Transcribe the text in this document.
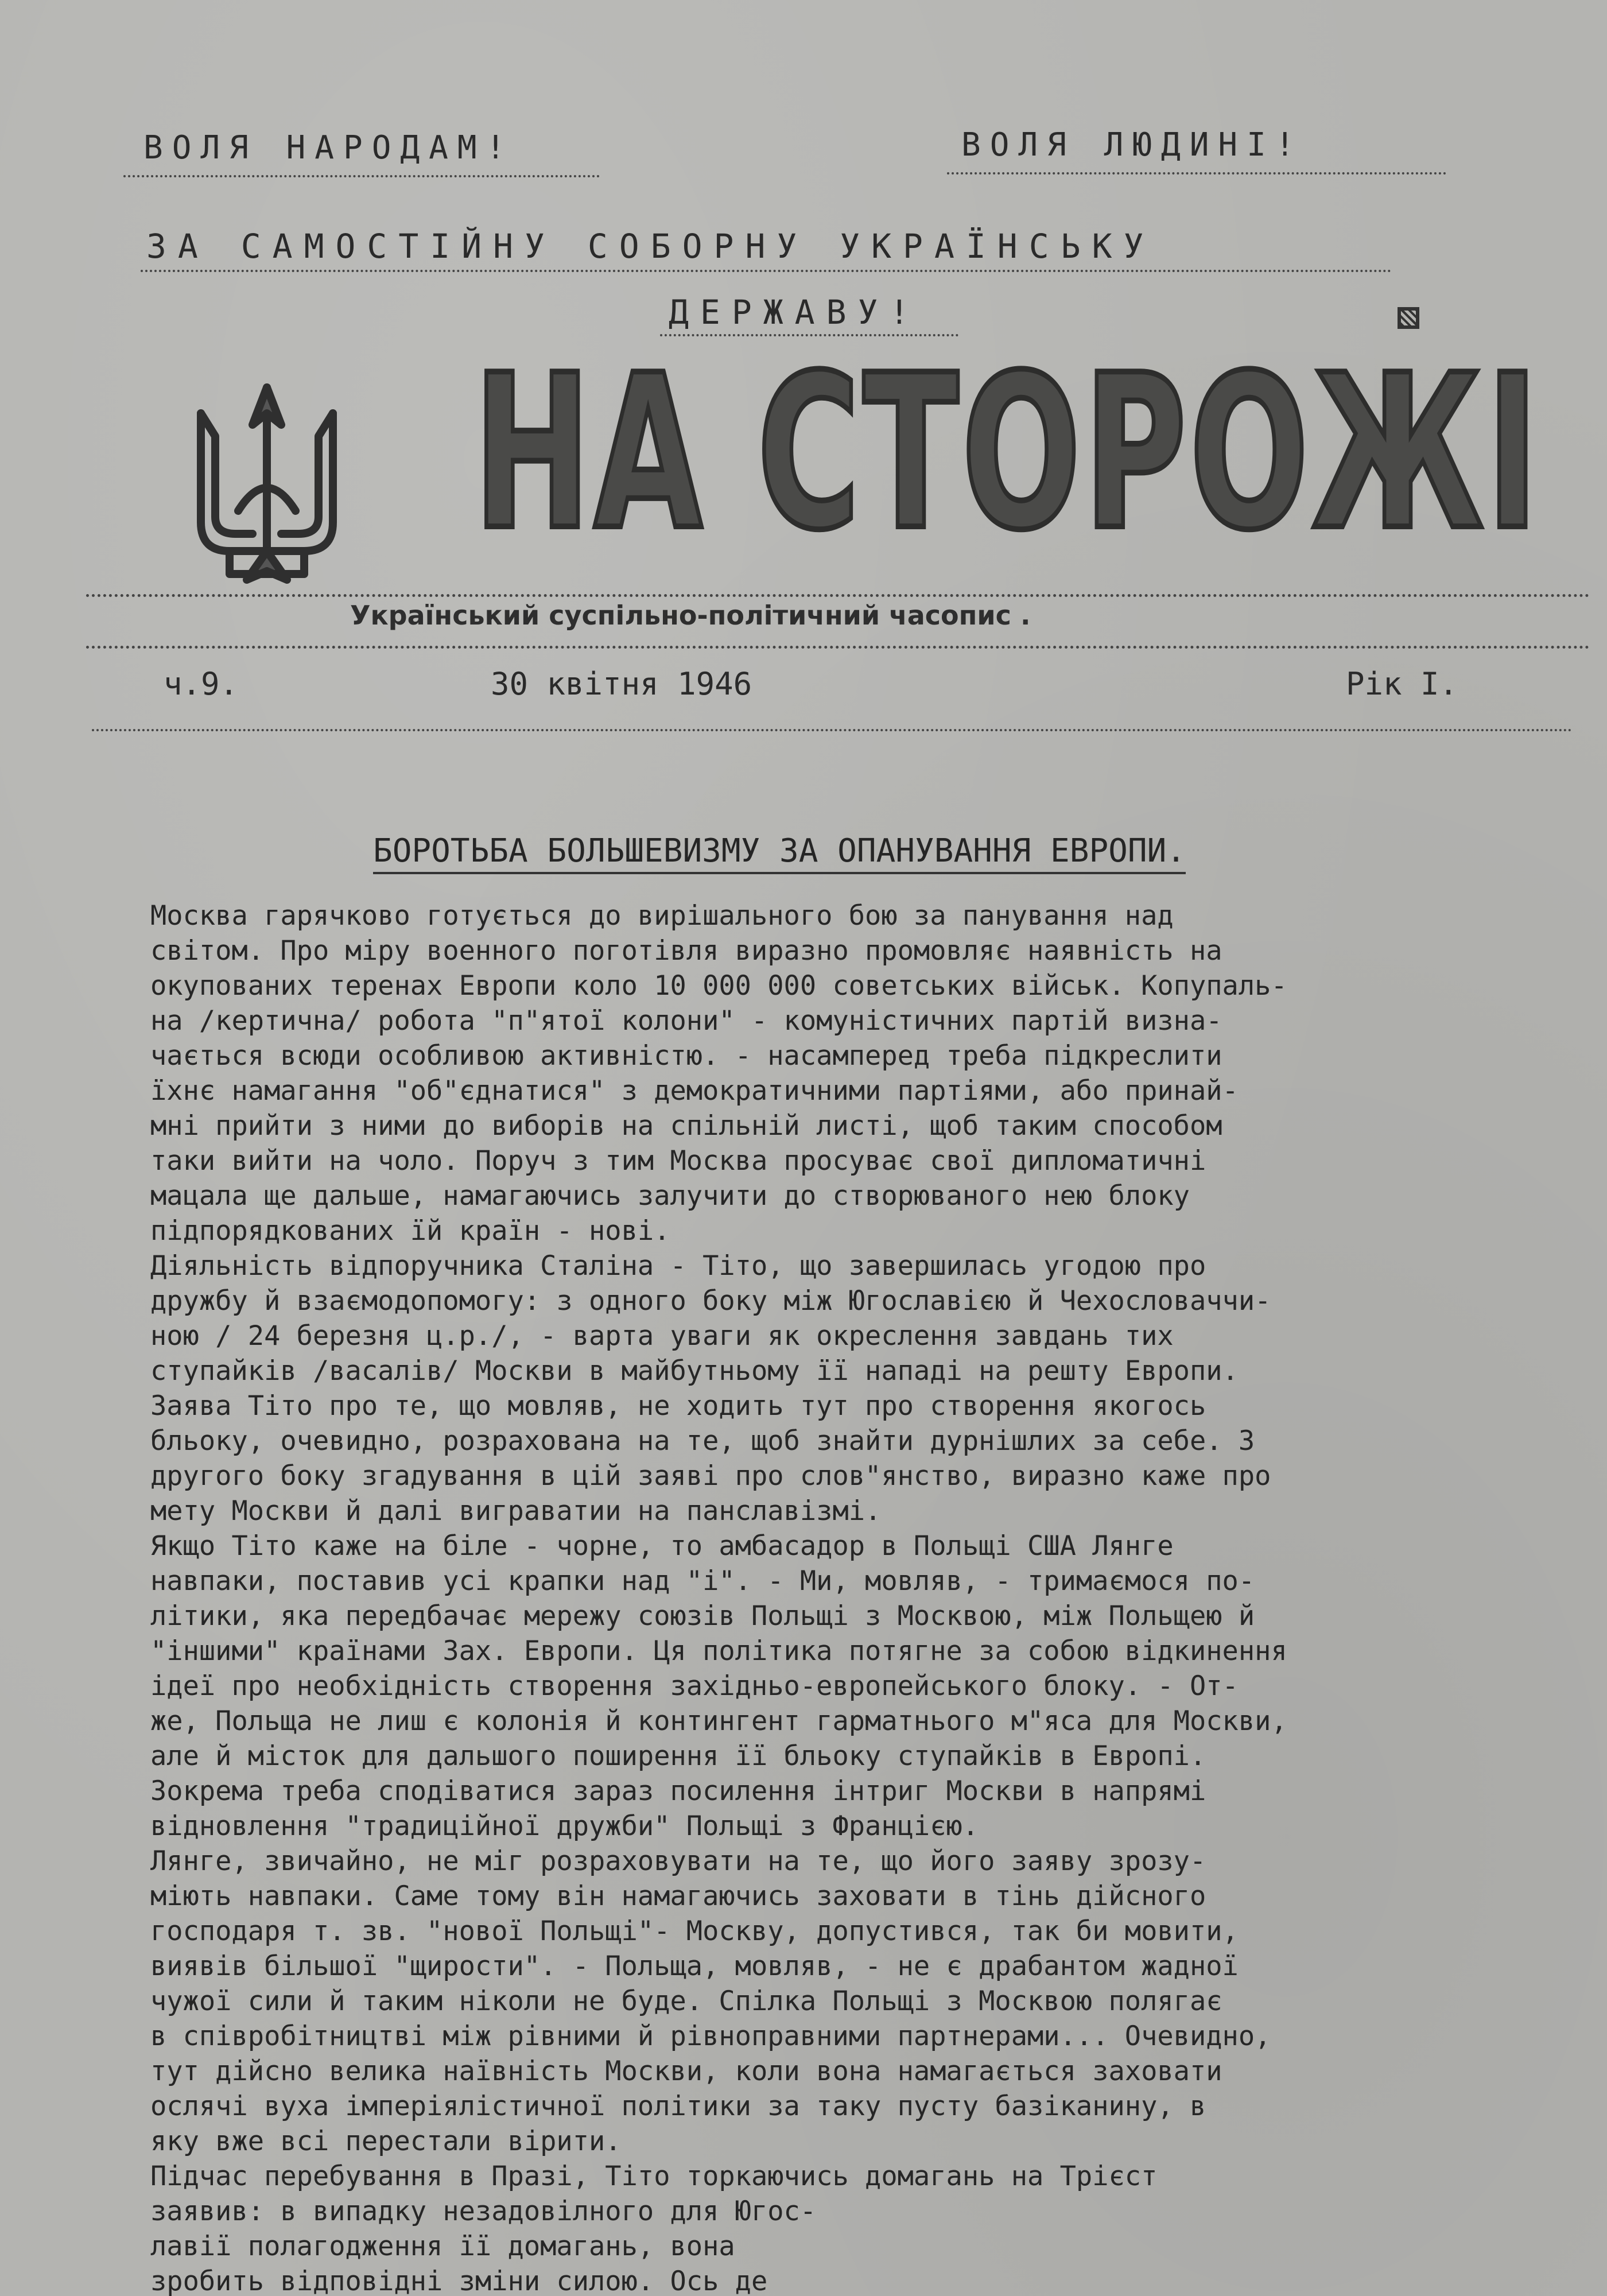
ВОЛЯ НАРОДАМ!	ВОЛЯ ЛЮДИНІ!
ЗА САМОСТІЙНУ СОБОРНУ УКРАЇНСЬКУ
ДЕРЖАВУ!
НА СТОРОЖІ
Український суспільно-політичний часопис .
ч.9.	30 квітня 1946	Рік І.
БОРОТЬБА БОЛЬШЕВИЗМУ ЗА ОПАНУВАННЯ ЕВРОПИ.

Москва гарячково готується до вирішального бою за панування над

світом. Про міру военного поготівля виразно промовляє наявність на

окупованих теренах Европи коло 10 000 000 советських військ. Копупаль-

на /кертична/ робота "п"ятої колони" - комуністичних партій визна-

чається всюди особливою активністю. - насамперед треба підкреслити

їхнє намагання "об"єднатися" з демократичними партіями, або принай-

мні прийти з ними до виборів на спільній листі, щоб таким способом

таки вийти на чоло. Поруч з тим Москва просуває свої дипломатичні

мацала ще дальше, намагаючись залучити до створюваного нею блоку

підпорядкованих їй країн - нові.

Діяльність відпоручника Сталіна - Тіто, що завершилась угодою про

дружбу й взаємодопомогу: з одного боку між Югославією й Чехословаччи-

ною / 24 березня ц.р./, - варта уваги як окреслення завдань тих

ступайків /васалів/ Москви в майбутньому її нападі на решту Европи.

Заява Тіто про те, що мовляв, не ходить тут про створення якогось

бльоку, очевидно, розрахована на те, щоб знайти дурнішлих за себе. З

другого боку згадування в цій заяві про слов"янство, виразно каже про

мету Москви й далі виграватии на панславізмі.

Якщо Тіто каже на біле - чорне, то амбасадор в Польщі США Лянге

навпаки, поставив усі крапки над "і". - Ми, мовляв, - тримаємося по-

літики, яка передбачає мережу союзів Польщі з Москвою, між Польщею й

"іншими" країнами Зах. Европи. Ця політика потягне за собою відкинення

ідеї про необхідність створення західньо-европейського блоку. - От-

же, Польща не лиш є колонія й контингент гарматнього м"яса для Москви,

але й місток для дальшого поширення її бльоку ступайків в Европі.

Зокрема треба сподіватися зараз посилення інтриг Москви в напрямі

відновлення "традиційної дружби" Польщі з Францією.

Лянге, звичайно, не міг розраховувати на те, що його заяву зрозу-

міють навпаки. Саме тому він намагаючись заховати в тінь дійсного

господаря т. зв. "нової Польщі"- Москву, допустився, так би мовити,

виявів більшої "щирости". - Польща, мовляв, - не є драбантом жадної

чужої сили й таким ніколи не буде. Спілка Польщі з Москвою полягає

в співробітництві між рівними й рівноправними партнерами... Очевидно,

тут дійсно велика наївність Москви, коли вона намагається заховати

ослячі вуха імперіялістичної політики за таку пусту базіканину, в

яку вже всі перестали вірити.

Підчас перебування в Празі, Тіто торкаючись домагань на Трієст

заявив: в випадку незадовілного для Югос-

лавії полагодження її домагань, вона

зробить відповідні зміни силою. Ось де
